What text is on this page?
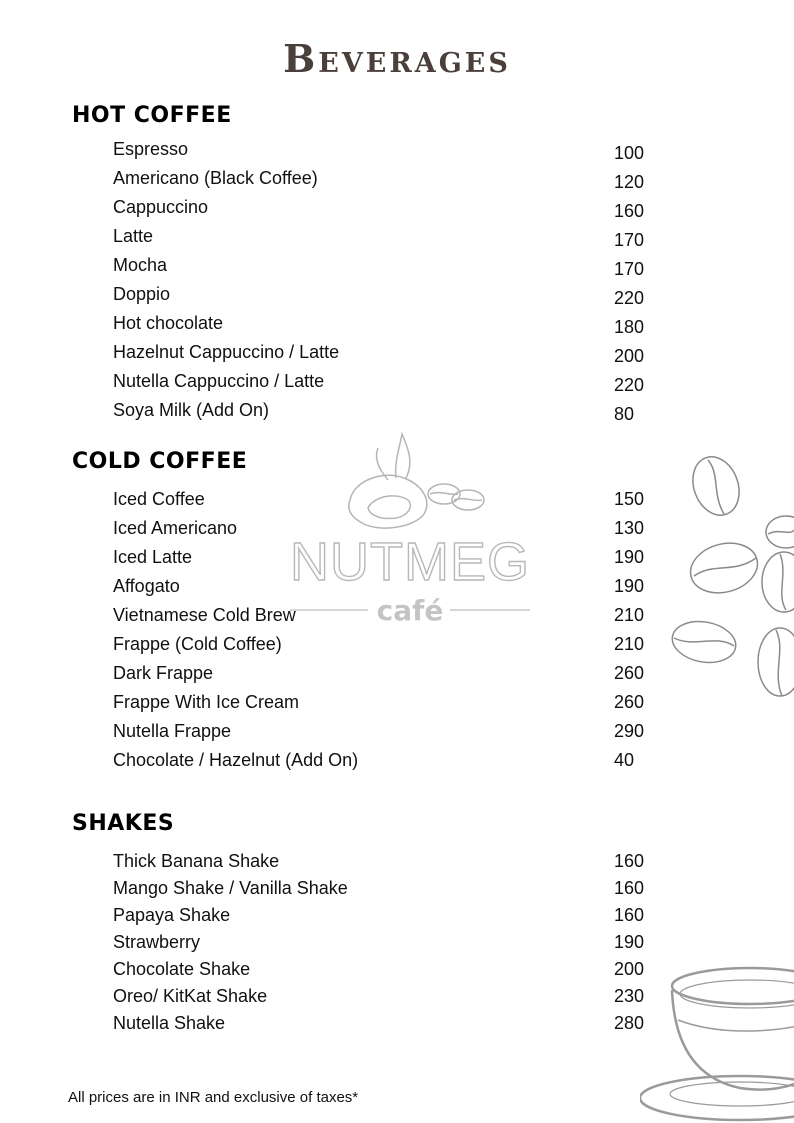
Beverages
NUTMEG
café
HOT COFFEE
Espresso	100
Americano (Black Coffee)	120
Cappuccino	160
Latte	170
Mocha	170
Doppio	220
Hot chocolate	180
Hazelnut Cappuccino / Latte	200
Nutella Cappuccino / Latte	220
Soya Milk (Add On)	80
COLD COFFEE
Iced Coffee	150
Iced Americano	130
Iced Latte	190
Affogato	190
Vietnamese Cold Brew	210
Frappe (Cold Coffee)	210
Dark Frappe	260
Frappe With Ice Cream	260
Nutella Frappe	290
Chocolate / Hazelnut (Add On)	40
SHAKES
Thick Banana Shake	160
Mango Shake / Vanilla Shake	160
Papaya Shake	160
Strawberry	190
Chocolate Shake	200
Oreo/ KitKat Shake	230
Nutella Shake	280

All prices are in INR and exclusive of taxes*
